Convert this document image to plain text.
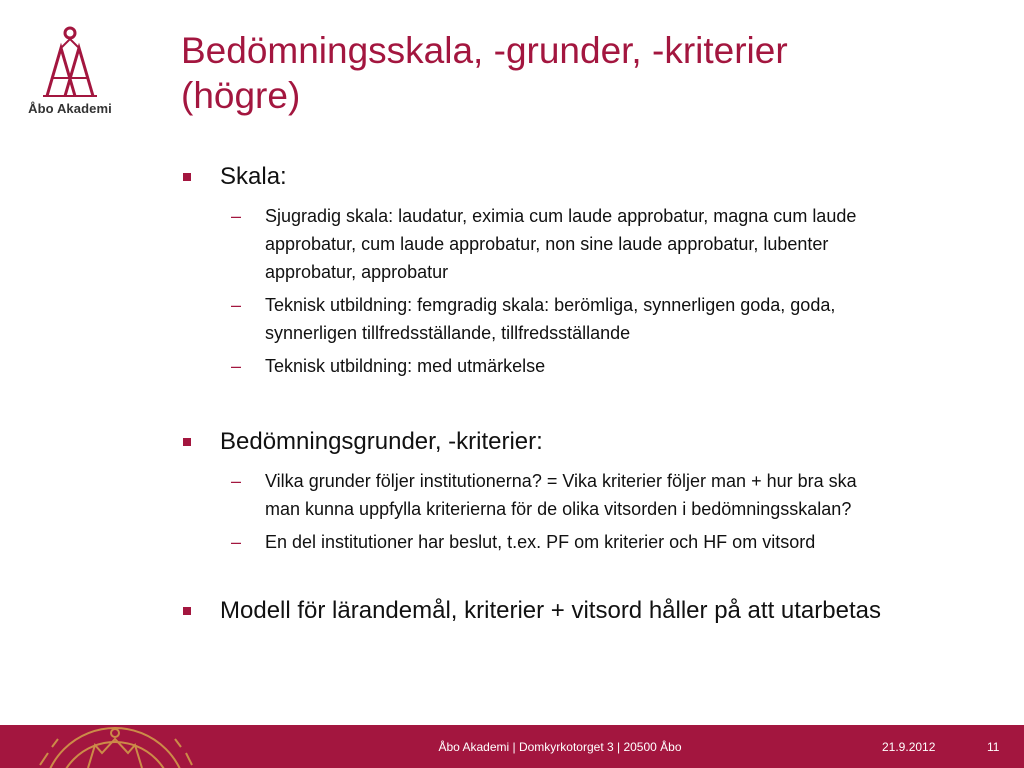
Åbo Akademi
Bedömningsskala, -grunder, -kriterier
(högre)
Skala:
– Sjugradig skala: laudatur, eximia cum laude approbatur, magna cum laude
approbatur, cum laude approbatur, non sine laude approbatur, lubenter
approbatur, approbatur
– Teknisk utbildning: femgradig skala: berömliga, synnerligen goda, goda,
synnerligen tillfredsställande, tillfredsställande
– Teknisk utbildning: med utmärkelse
Bedömningsgrunder, -kriterier:
– Vilka grunder följer institutionerna? = Vika kriterier följer man + hur bra ska
man kunna uppfylla kriterierna för de olika vitsorden i bedömningsskalan?
– En del institutioner har beslut, t.ex. PF om kriterier och HF om vitsord
Modell för lärandemål, kriterier + vitsord håller på att utarbetas
Åbo Akademi | Domkyrkotorget 3 | 20500 Åbo	21.9.2012	11
